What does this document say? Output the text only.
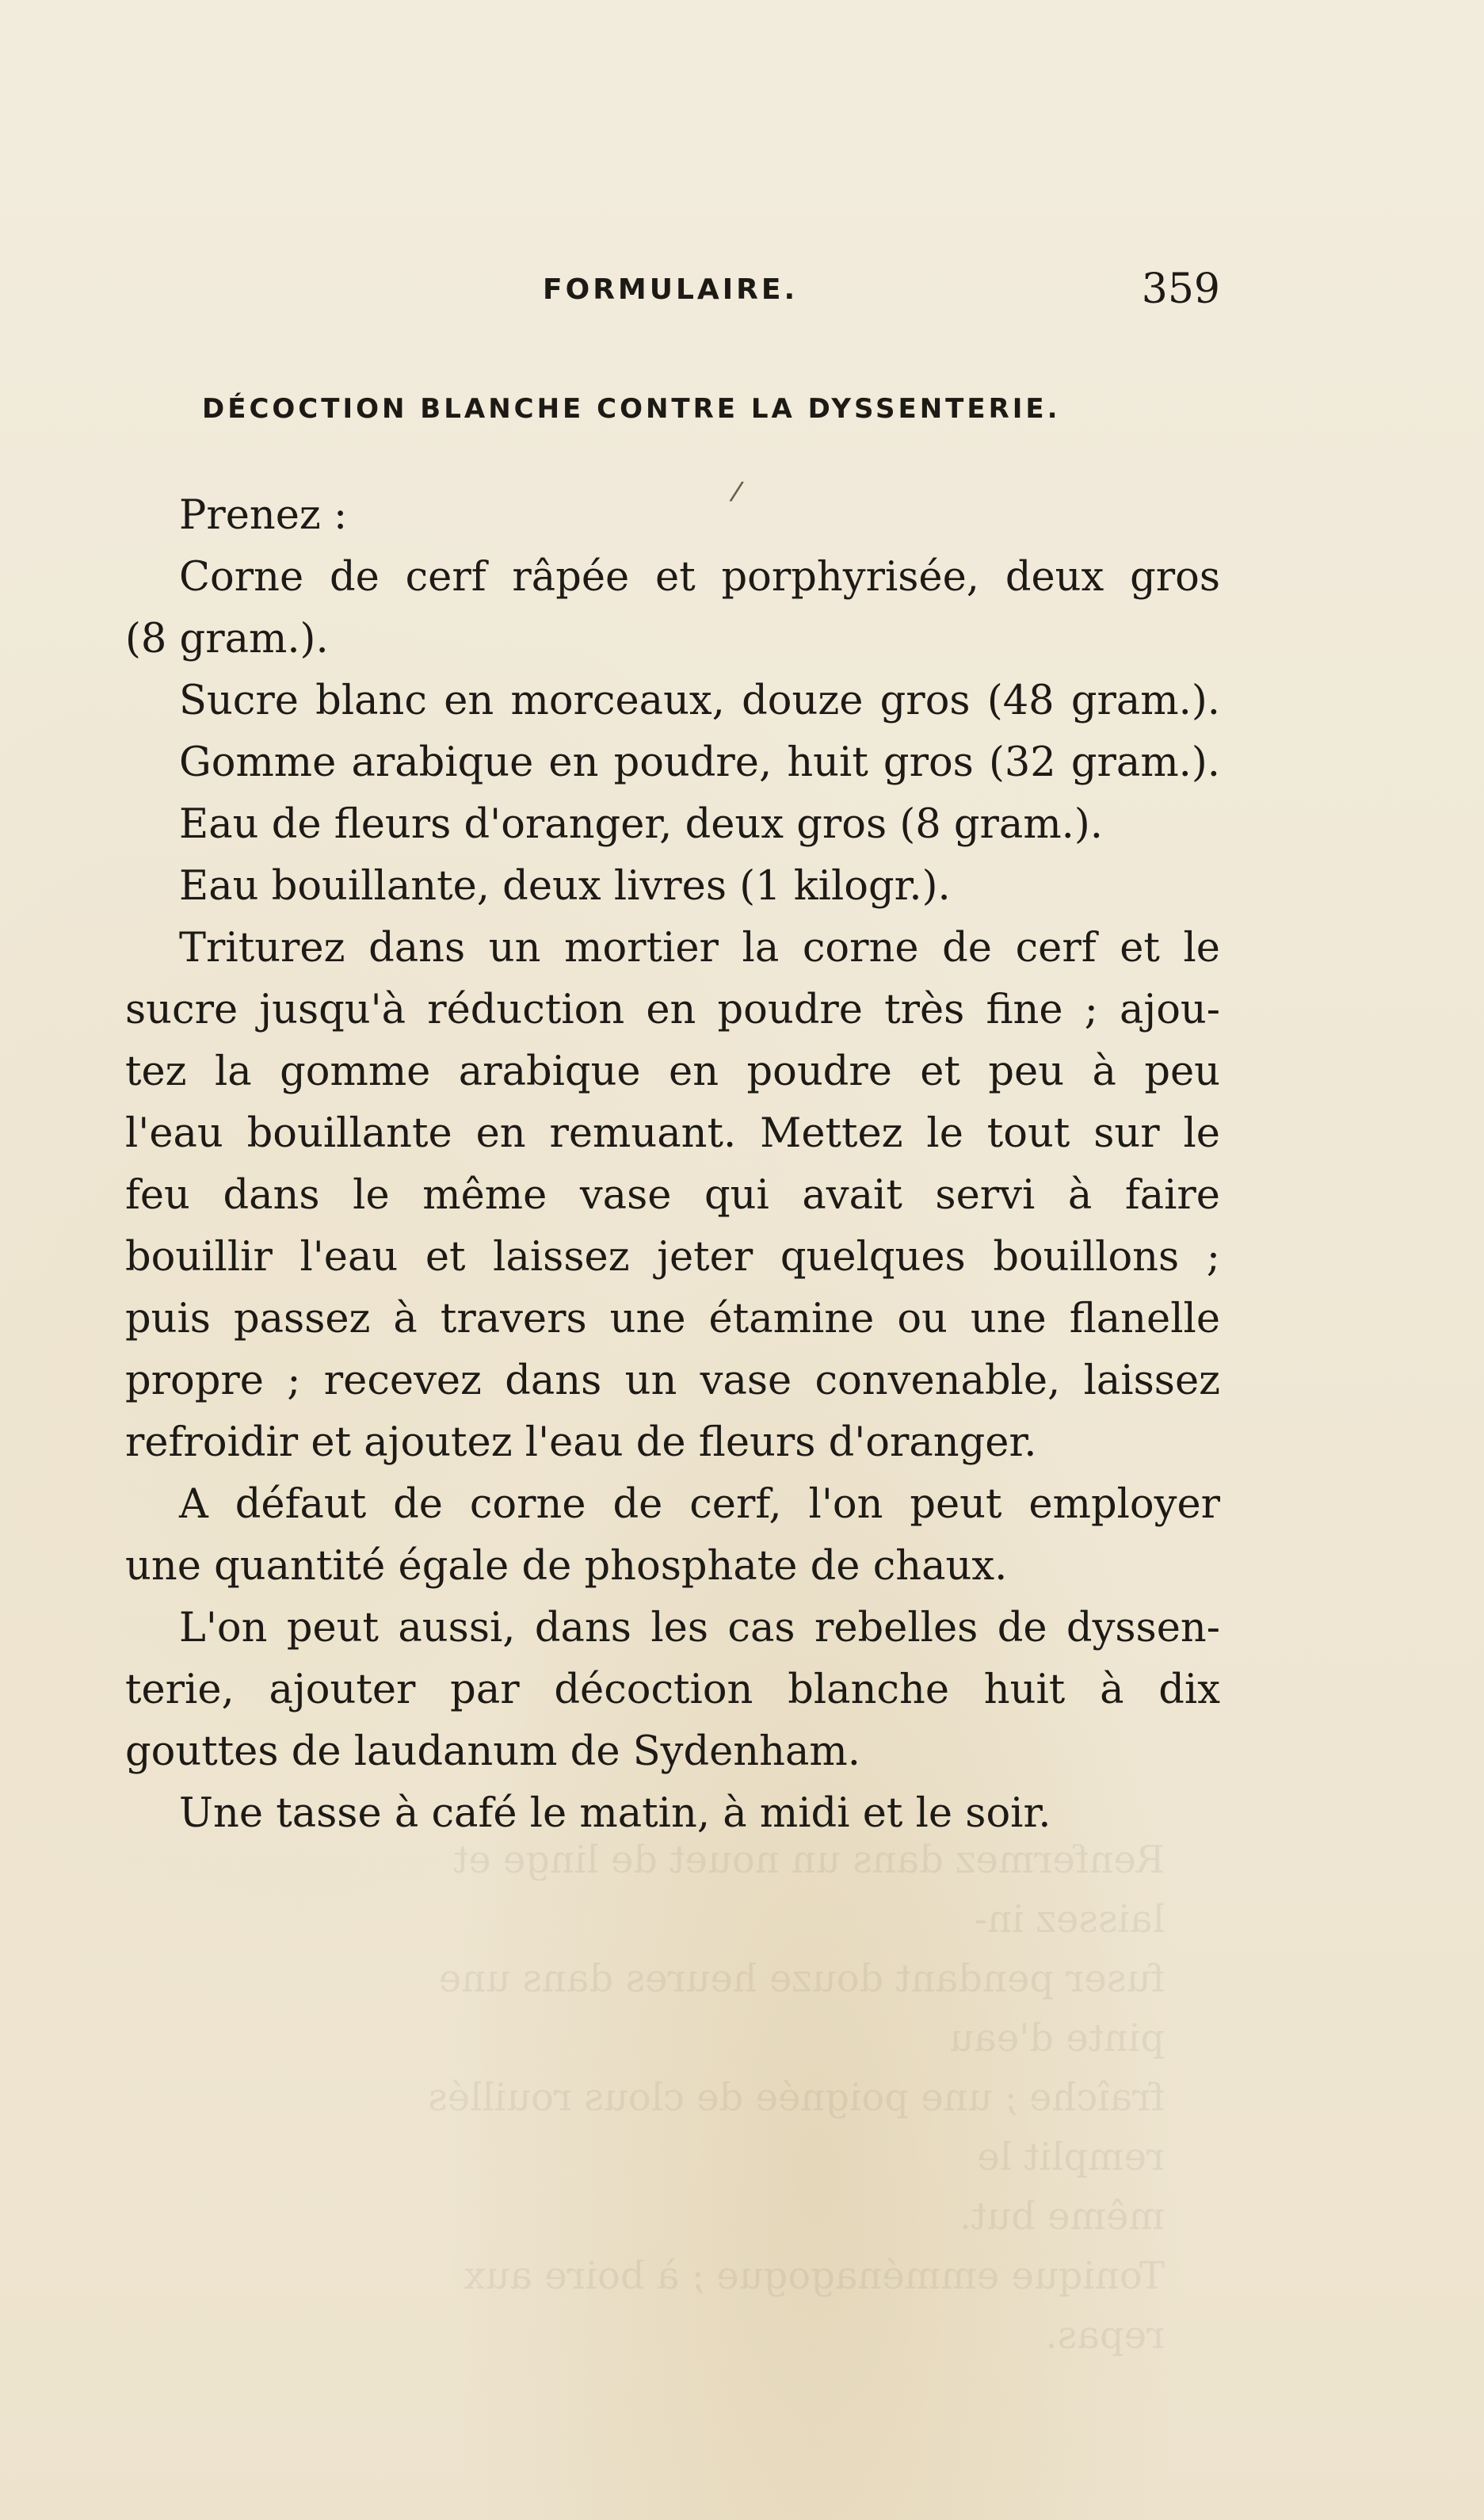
Renfermez dans un nouet de linge et laissez in-
fuser pendant douze heures dans une pinte d'eau
fraîche ; une poignée de clous rouillés remplit le
même but.
Tonique emménagogue ; à boire aux repas.
FORMULAIRE.	359
/
DÉCOCTION BLANCHE CONTRE LA DYSSENTERIE.
Prenez :
Corne de cerf râpée et porphyrisée, deux gros
(8 gram.).
Sucre blanc en morceaux, douze gros (48 gram.).
Gomme arabique en poudre, huit gros (32 gram.).
Eau de fleurs d'oranger, deux gros (8 gram.).
Eau bouillante, deux livres (1 kilogr.).
Triturez dans un mortier la corne de cerf et le
sucre jusqu'à réduction en poudre très fine ; ajou-
tez la gomme arabique en poudre et peu à peu
l'eau bouillante en remuant. Mettez le tout sur le
feu dans le même vase qui avait servi à faire
bouillir l'eau et laissez jeter quelques bouillons ;
puis passez à travers une étamine ou une flanelle
propre ; recevez dans un vase convenable, laissez
refroidir et ajoutez l'eau de fleurs d'oranger.
A défaut de corne de cerf, l'on peut employer
une quantité égale de phosphate de chaux.
L'on peut aussi, dans les cas rebelles de dyssen-
terie, ajouter par décoction blanche huit à dix
gouttes de laudanum de Sydenham.
Une tasse à café le matin, à midi et le soir.
